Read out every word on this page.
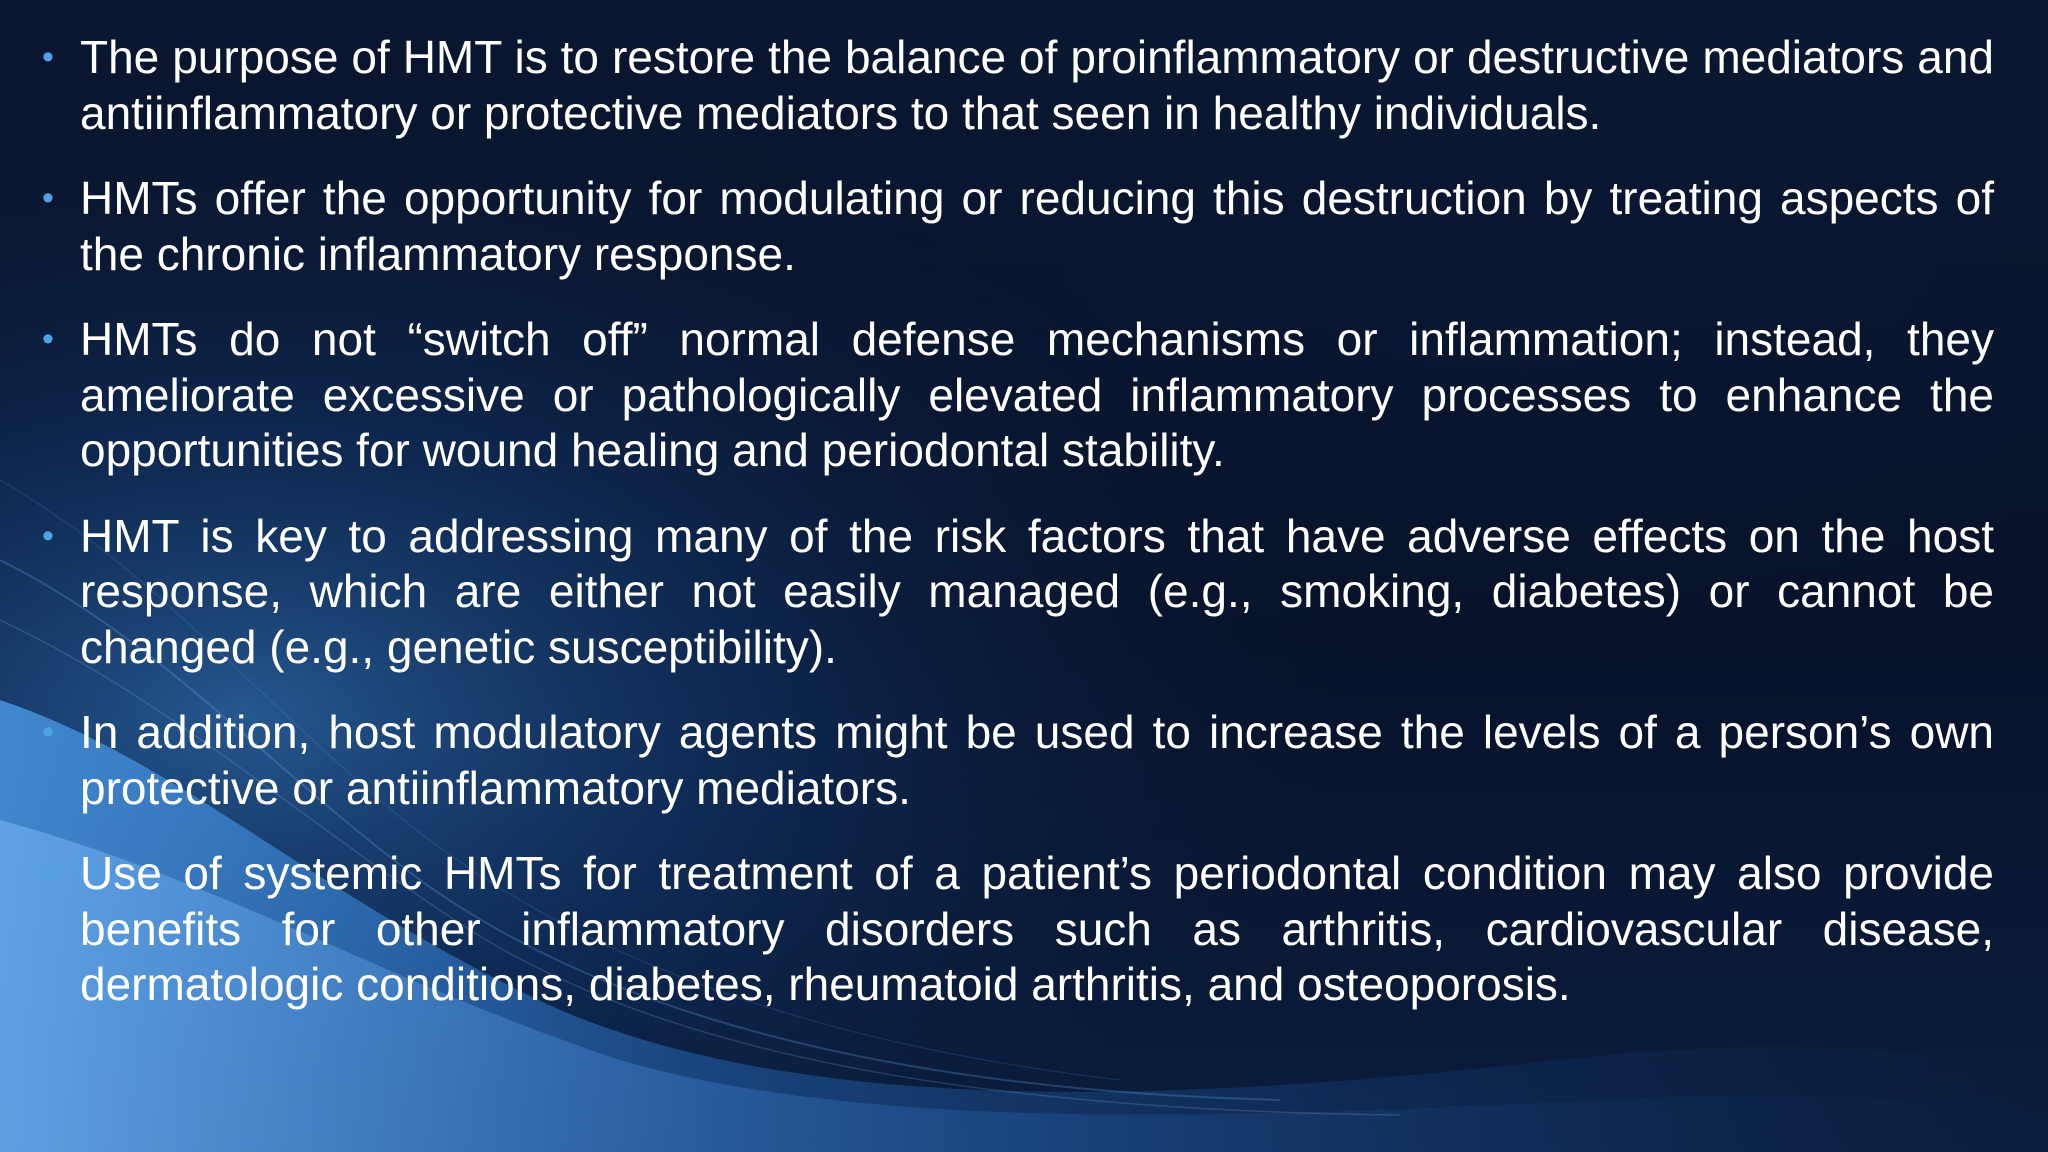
• The purpose of HMT is to restore the balance of proinflammatory or destructive mediators and antiinflammatory or protective mediators to that seen in healthy individuals.
• HMTs offer the opportunity for modulating or reducing this destruction by treating aspects of the chronic inflammatory response.
• HMTs do not “switch off” normal defense mechanisms or inflammation; instead, they ameliorate excessive or pathologically elevated inflammatory processes to enhance the opportunities for wound healing and periodontal stability.
• HMT is key to addressing many of the risk factors that have adverse effects on the host response, which are either not easily managed (e.g., smoking, diabetes) or cannot be changed (e.g., genetic susceptibility).
• In addition, host modulatory agents might be used to increase the levels of a person’s own protective or antiinflammatory mediators.
• Use of systemic HMTs for treatment of a patient’s periodontal condition may also provide benefits for other inflammatory disorders such as arthritis, cardiovascular disease, dermatologic conditions, diabetes, rheumatoid arthritis, and osteoporosis.
